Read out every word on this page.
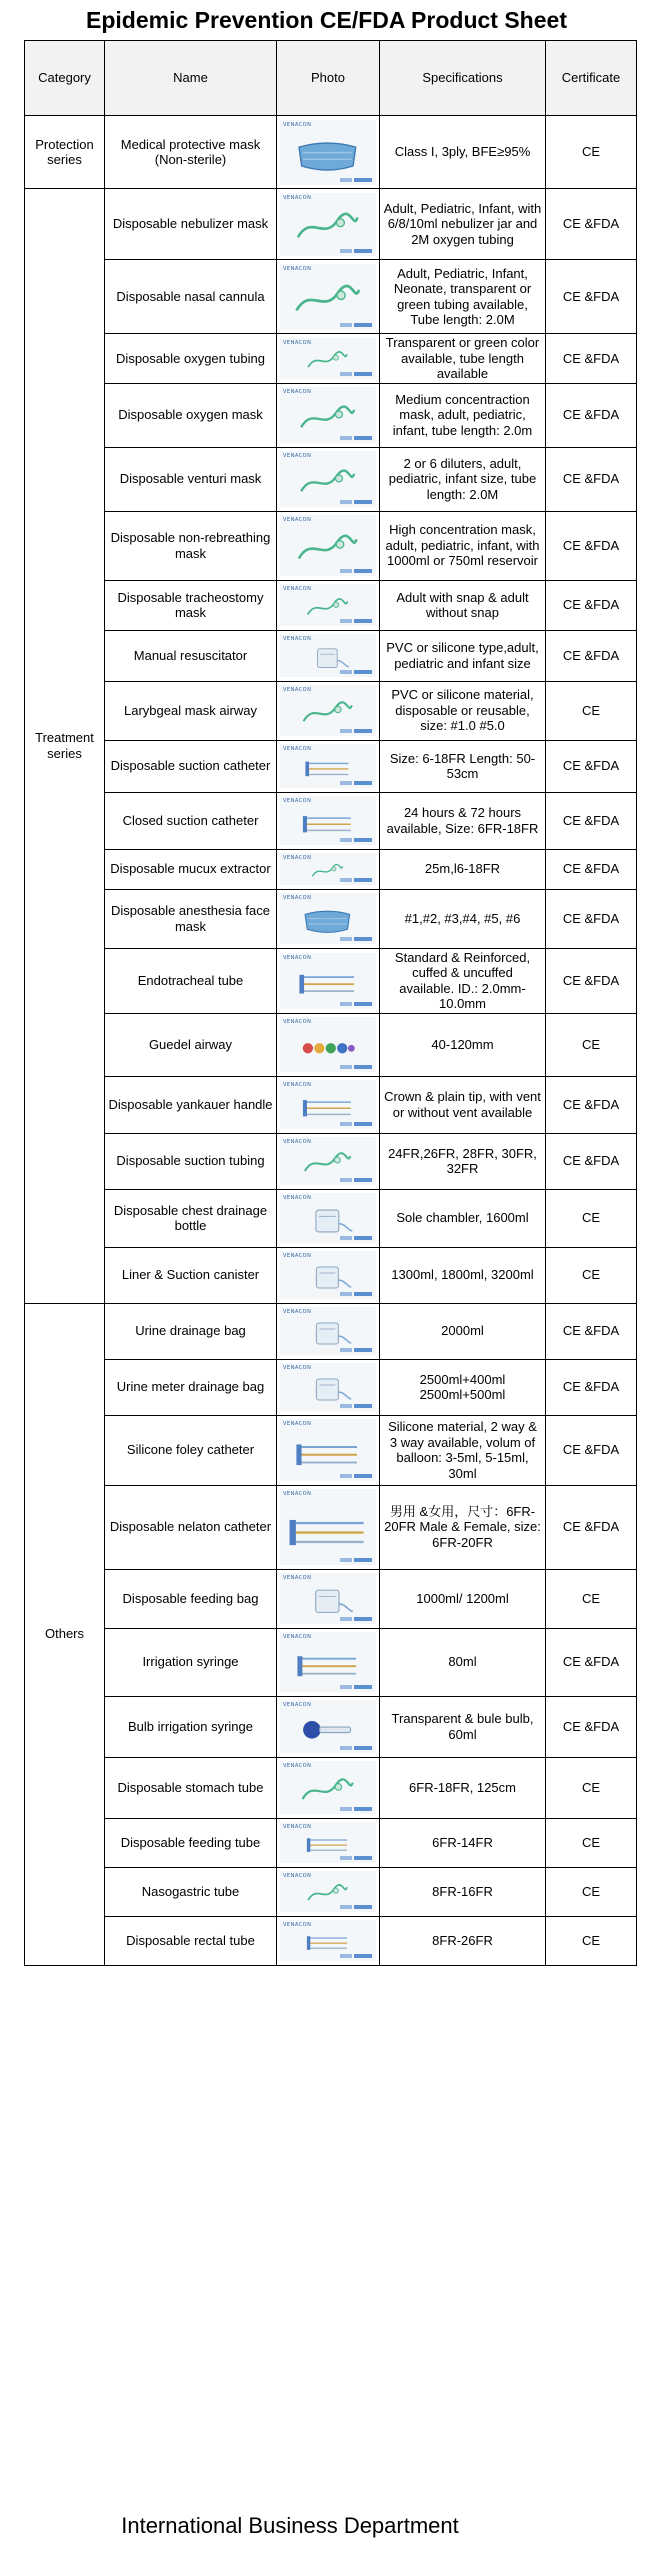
Epidemic Prevention CE/FDA Product Sheet
Category	Name	Photo	Specifications	Certificate
Protection series	Medical protective mask (Non-sterile)	VENACON	Class I, 3ply, BFE≥95%	CE
Treatment series	Disposable nebulizer mask	VENACON	Adult, Pediatric, Infant, with 6/8/10ml nebulizer jar and 2M oxygen tubing	CE &FDA
	Disposable nasal cannula	VENACON	Adult, Pediatric, Infant, Neonate, transparent or green tubing available, Tube length: 2.0M	CE &FDA
	Disposable oxygen tubing	VENACON	Transparent or green color available, tube length available	CE &FDA
	Disposable oxygen mask	VENACON	Medium concentraction mask, adult, pediatric, infant, tube length: 2.0m	CE &FDA
	Disposable venturi mask	VENACON	2 or 6 diluters, adult, pediatric, infant size, tube length: 2.0M	CE &FDA
	Disposable non-rebreathing mask	VENACON	High concentration mask, adult, pediatric, infant, with 1000ml or 750ml reservoir	CE &FDA
	Disposable tracheostomy mask	VENACON	Adult with snap & adult without snap	CE &FDA
	Manual resuscitator	VENACON	PVC or silicone type,adult, pediatric and infant size	CE &FDA
	Larybgeal mask airway	VENACON	PVC or silicone material, disposable or reusable, size: #1.0 #5.0	CE
	Disposable suction catheter	VENACON	Size: 6-18FR Length: 50-53cm	CE &FDA
	Closed suction catheter	VENACON	24 hours & 72 hours available, Size: 6FR-18FR	CE &FDA
	Disposable mucux extractor	VENACON	25m,l6-18FR	CE &FDA
	Disposable anesthesia face mask	VENACON	#1,#2, #3,#4, #5, #6	CE &FDA
	Endotracheal tube	VENACON	Standard & Reinforced, cuffed & uncuffed available. ID.: 2.0mm-10.0mm	CE &FDA
	Guedel airway	VENACON	40-120mm	CE
	Disposable yankauer handle	VENACON	Crown & plain tip, with vent or without vent available	CE &FDA
	Disposable suction tubing	VENACON	24FR,26FR, 28FR, 30FR, 32FR	CE &FDA
	Disposable chest drainage bottle	VENACON	Sole chambler, 1600ml	CE
	Liner & Suction canister	VENACON	1300ml, 1800ml, 3200ml	CE
Others	Urine drainage bag	VENACON	2000ml	CE &FDA
	Urine meter drainage bag	VENACON	2500ml+400ml 2500ml+500ml	CE &FDA
	Silicone foley catheter	VENACON	Silicone material, 2 way & 3 way available, volum of balloon: 3-5ml, 5-15ml, 30ml	CE &FDA
	Disposable nelaton catheter	VENACON	男用 &女用，尺寸：6FR-20FR Male & Female, size: 6FR-20FR	CE &FDA
	Disposable feeding bag	VENACON	1000ml/ 1200ml	CE
	Irrigation syringe	VENACON	80ml	CE &FDA
	Bulb irrigation syringe	VENACON	Transparent & bule bulb, 60ml	CE &FDA
	Disposable stomach tube	VENACON	6FR-18FR, 125cm	CE
	Disposable feeding tube	VENACON	6FR-14FR	CE
	Nasogastric tube	VENACON	8FR-16FR	CE
	Disposable rectal tube	VENACON	8FR-26FR	CE
International Business Department
